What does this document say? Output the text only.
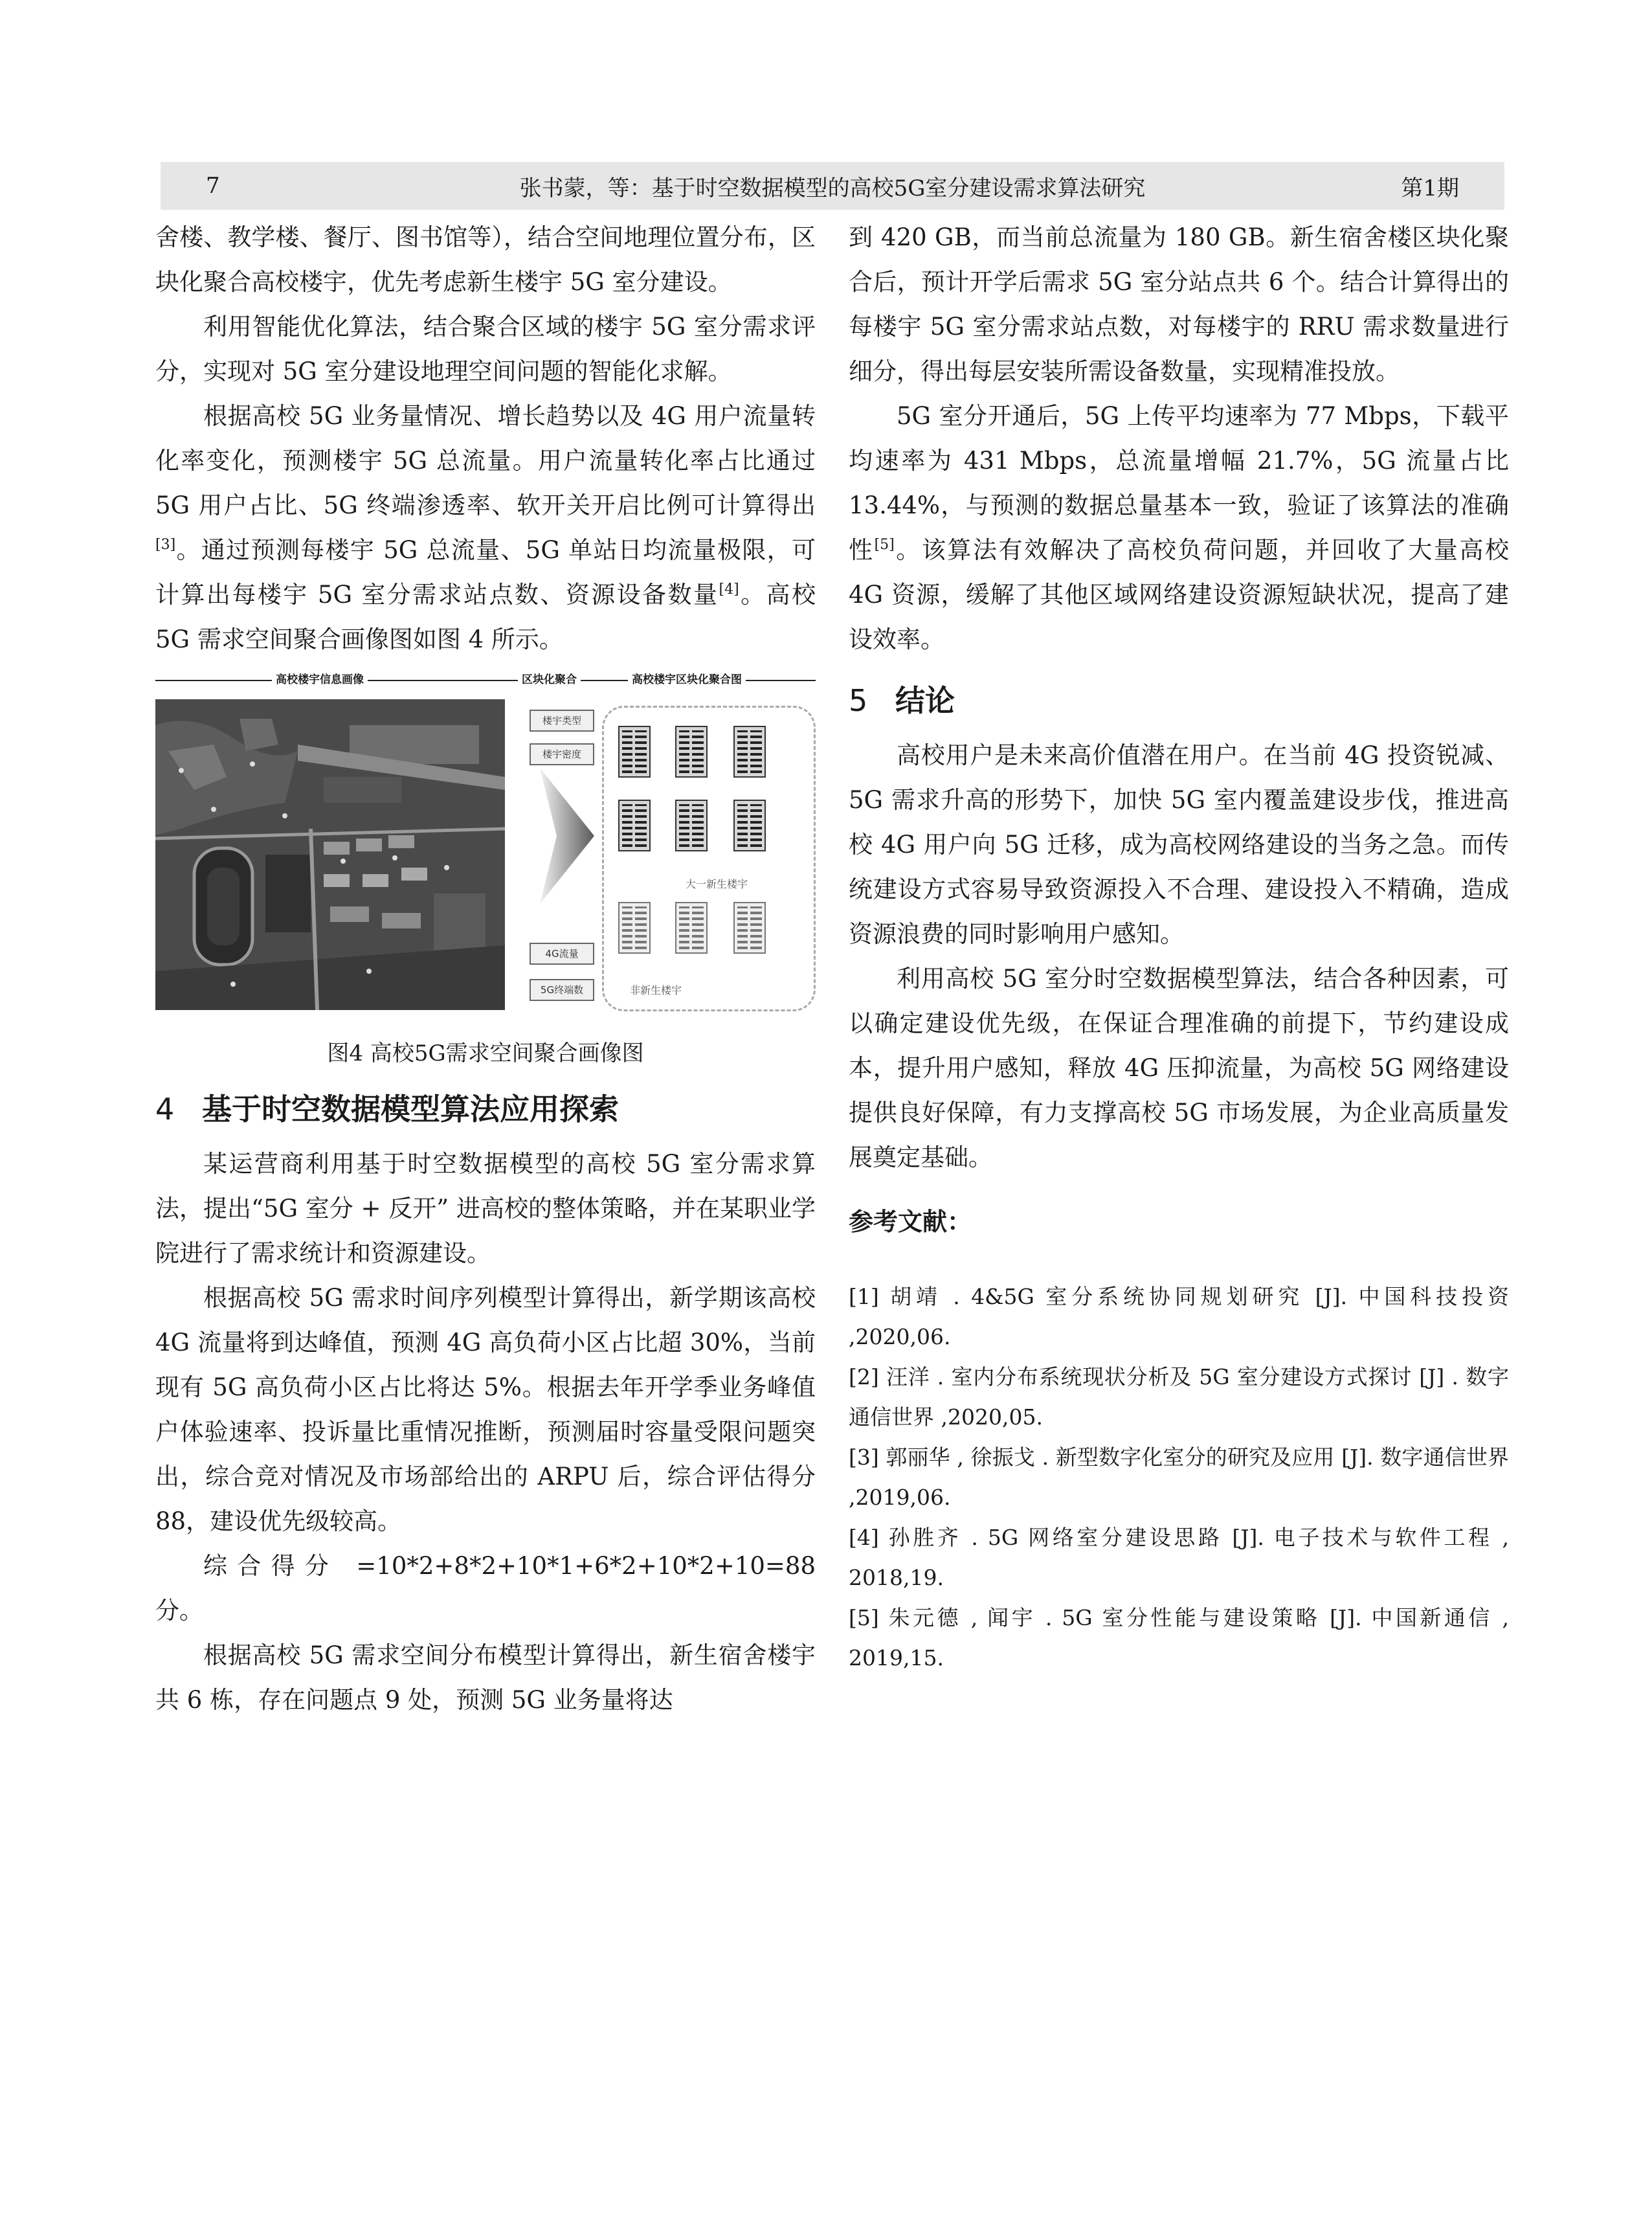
7	张书蒙，等：基于时空数据模型的高校5G室分建设需求算法研究	第1期

舍楼、教学楼、餐厅、图书馆等），结合空间地理位置分布，区块化聚合高校楼宇，优先考虑新生楼宇 5G 室分建设。

利用智能优化算法，结合聚合区域的楼宇 5G 室分需求评分，实现对 5G 室分建设地理空间问题的智能化求解。

根据高校 5G 业务量情况、增长趋势以及 4G 用户流量转化率变化，预测楼宇 5G 总流量。用户流量转化率占比通过 5G 用户占比、5G 终端渗透率、软开关开启比例可计算得出[3]。通过预测每楼宇 5G 总流量、5G 单站日均流量极限，可计算出每楼宇 5G 室分需求站点数、资源设备数量[4]。高校 5G 需求空间聚合画像图如图 4 所示。

高校楼宇信息画像	区块化聚合	高校楼宇区块化聚合图
楼宇类型
楼宇密度
4G流量
5G终端数
大一新生楼宇
非新生楼宇
图4 高校5G需求空间聚合画像图
4 基于时空数据模型算法应用探索

某运营商利用基于时空数据模型的高校 5G 室分需求算法，提出“5G 室分 + 反开” 进高校的整体策略，并在某职业学院进行了需求统计和资源建设。

根据高校 5G 需求时间序列模型计算得出，新学期该高校 4G 流量将到达峰值，预测 4G 高负荷小区占比超 30%，当前现有 5G 高负荷小区占比将达 5%。根据去年开学季业务峰值户体验速率、投诉量比重情况推断，预测届时容量受限问题突出，综合竞对情况及市场部给出的 ARPU 后，综合评估得分 88，建设优先级较高。

综合得分 =10*2+8*2+10*1+6*2+10*2+10=88 分。

根据高校 5G 需求空间分布模型计算得出，新生宿舍楼宇共 6 栋，存在问题点 9 处，预测 5G 业务量将达

到 420 GB，而当前总流量为 180 GB。新生宿舍楼区块化聚合后，预计开学后需求 5G 室分站点共 6 个。结合计算得出的每楼宇 5G 室分需求站点数，对每楼宇的 RRU 需求数量进行细分，得出每层安装所需设备数量，实现精准投放。

5G 室分开通后，5G 上传平均速率为 77 Mbps，下载平均速率为 431 Mbps，总流量增幅 21.7%，5G 流量占比 13.44%，与预测的数据总量基本一致，验证了该算法的准确性[5]。该算法有效解决了高校负荷问题，并回收了大量高校 4G 资源，缓解了其他区域网络建设资源短缺状况，提高了建设效率。

5 结论

高校用户是未来高价值潜在用户。在当前 4G 投资锐减、5G 需求升高的形势下，加快 5G 室内覆盖建设步伐，推进高校 4G 用户向 5G 迁移，成为高校网络建设的当务之急。而传统建设方式容易导致资源投入不合理、建设投入不精确，造成资源浪费的同时影响用户感知。

利用高校 5G 室分时空数据模型算法，结合各种因素，可以确定建设优先级，在保证合理准确的前提下，节约建设成本，提升用户感知，释放 4G 压抑流量，为高校 5G 网络建设提供良好保障，有力支撑高校 5G 市场发展，为企业高质量发展奠定基础。

参考文献：

[1] 胡靖 . 4&5G 室分系统协同规划研究 [J]. 中国科技投资 ,2020,06.

[2] 汪洋 . 室内分布系统现状分析及 5G 室分建设方式探讨 [J] . 数字通信世界 ,2020,05.

[3] 郭丽华 , 徐振戈 . 新型数字化室分的研究及应用 [J]. 数字通信世界 ,2019,06.

[4] 孙胜齐 . 5G 网络室分建设思路 [J]. 电子技术与软件工程 , 2018,19.

[5] 朱元德 , 闻宇 . 5G 室分性能与建设策略 [J]. 中国新通信 , 2019,15.
